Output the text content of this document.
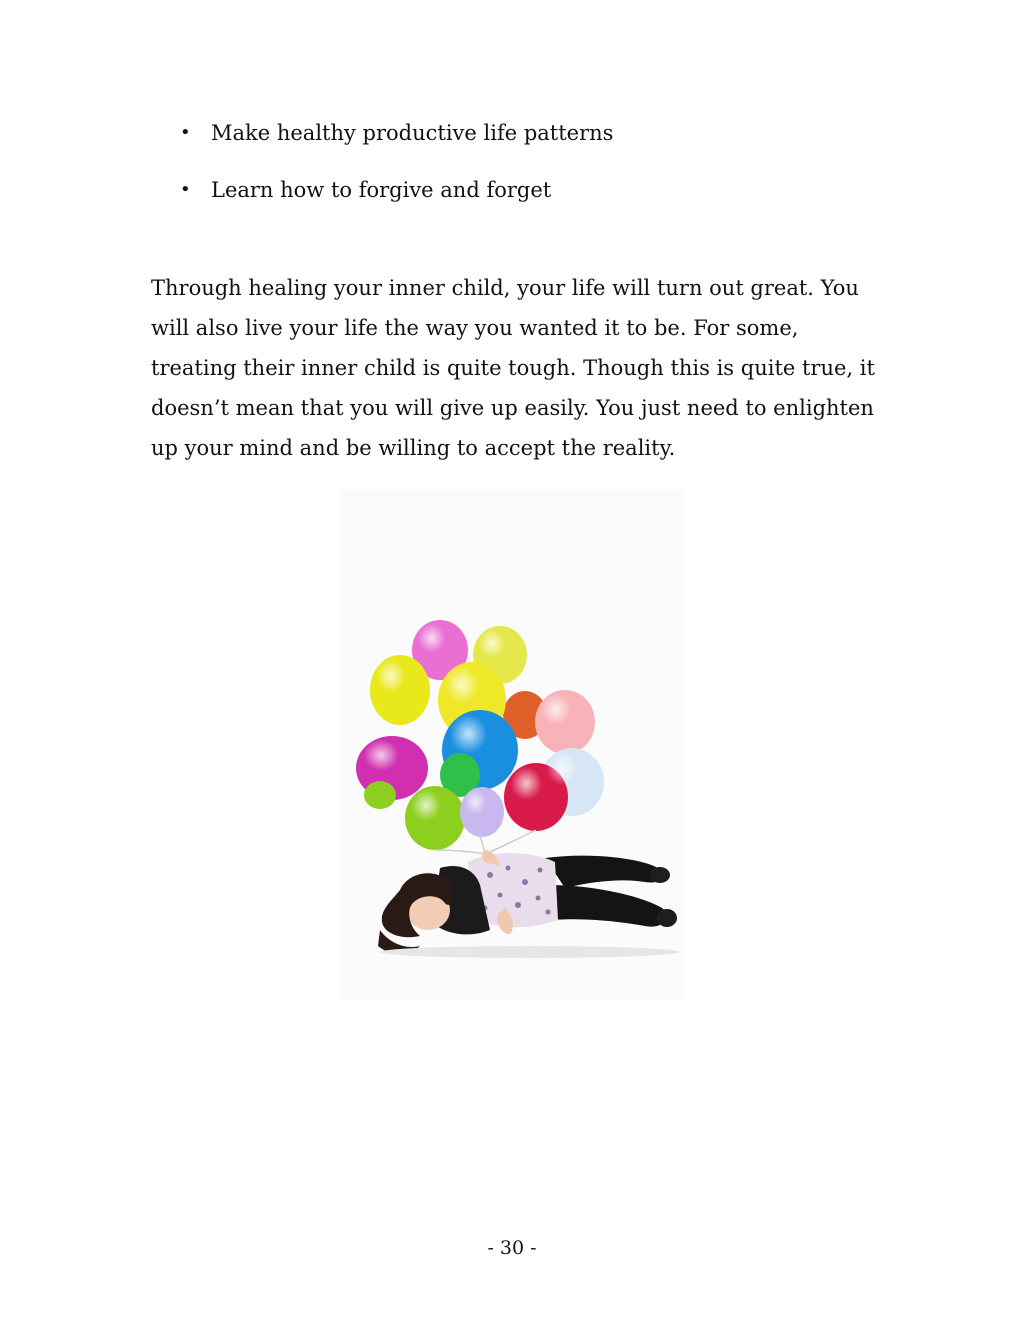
• Make healthy productive life patterns
• Learn how to forgive and forget

Through healing your inner child, your life will turn out great. You will also live your life the way you wanted it to be. For some, treating their inner child is quite tough. Though this is quite true, it doesn’t mean that you will give up easily. You just need to enlighten up your mind and be willing to accept the reality.

- 30 -
